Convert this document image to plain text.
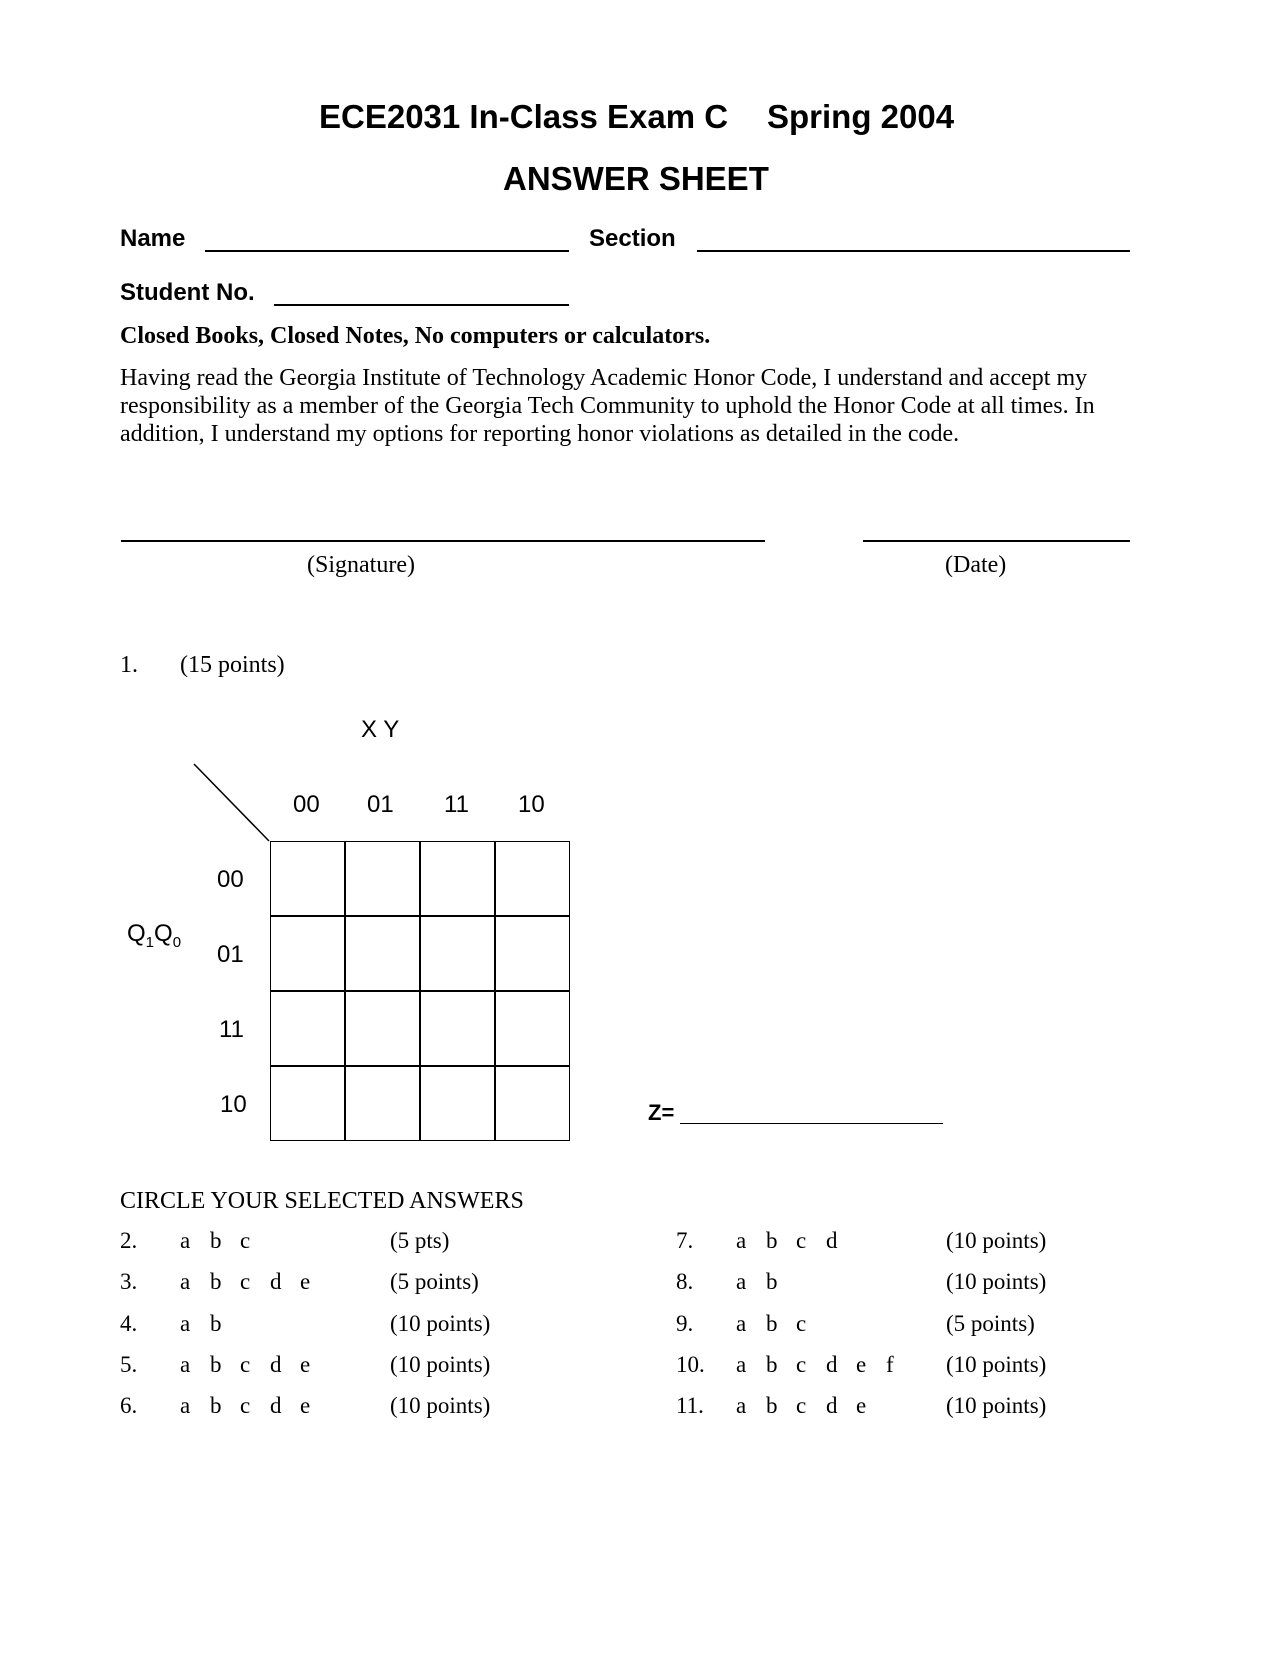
ECE2031 In-Class Exam C Spring 2004
ANSWER SHEET
Name	Section
Student No.
Closed Books, Closed Notes, No computers or calculators.
Having read the Georgia Institute of Technology Academic Honor Code, I understand and accept my
responsibility as a member of the Georgia Tech Community to uphold the Honor Code at all times. In
addition, I understand my options for reporting honor violations as detailed in the code.
(Signature)	(Date)
1. (15 points)
X Y
00 01 11 10
00
01
11
10
$Q_1Q_0$
Z=
CIRCLE YOUR SELECTED ANSWERS
2. a b c	(5 pts)
3. a b c d e	(5 points)
4. a b	(10 points)
5. a b c d e	(10 points)
6. a b c d e	(10 points)
7. a b c d	(10 points)
8. a b	(10 points)
9. a b c	(5 points)
10. a b c d e f (10 points)
11. a b c d e	(10 points)
